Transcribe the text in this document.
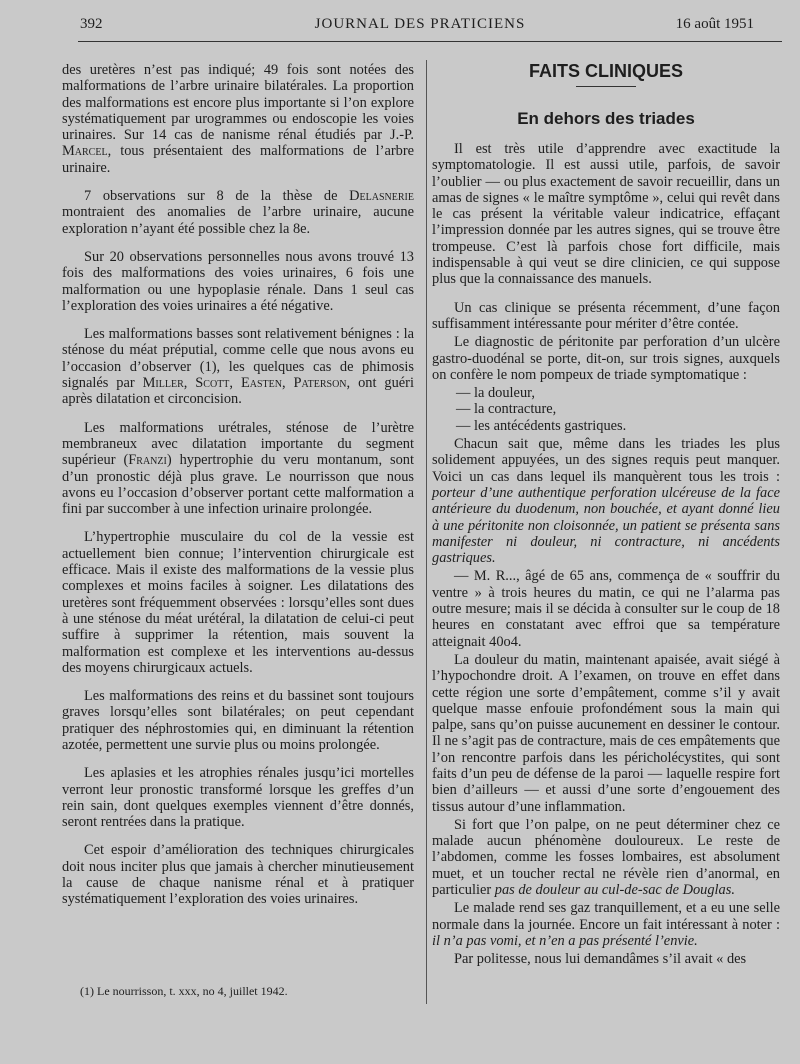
392	JOURNAL DES PRATICIENS	16 août 1951

des uretères n’est pas indiqué; 49 fois sont notées des malformations de l’arbre urinaire bilatérales. La proportion des malformations est encore plus importante si l’on explore systématiquement par urogrammes ou endoscopie les voies urinaires. Sur 14 cas de nanisme rénal étudiés par J.-P. Marcel, tous présentaient des malformations de l’arbre urinaire.

7 observations sur 8 de la thèse de Delasnerie montraient des anomalies de l’arbre urinaire, aucune exploration n’ayant été possible chez la 8e.

Sur 20 observations personnelles nous avons trouvé 13 fois des malformations des voies urinaires, 6 fois une malformation ou une hypoplasie rénale. Dans 1 seul cas l’exploration des voies urinaires a été négative.

Les malformations basses sont relativement bénignes : la sténose du méat préputial, comme celle que nous avons eu l’occasion d’observer (1), les quelques cas de phimosis signalés par Miller, Scott, Easten, Paterson, ont guéri après dilatation et circoncision.

Les malformations urétrales, sténose de l’urètre membraneux avec dilatation importante du segment supérieur (Franzi) hypertrophie du veru montanum, sont d’un pronostic déjà plus grave. Le nourrisson que nous avons eu l’occasion d’observer portant cette malformation a fini par succomber à une infection urinaire prolongée.

L’hypertrophie musculaire du col de la vessie est actuellement bien connue; l’intervention chirurgicale est efficace. Mais il existe des malformations de la vessie plus complexes et moins faciles à soigner. Les dilatations des uretères sont fréquemment observées : lorsqu’elles sont dues à une sténose du méat urétéral, la dilatation de celui-ci peut suffire à supprimer la rétention, mais souvent la malformation est complexe et les interventions au-dessus des moyens chirurgicaux actuels.

Les malformations des reins et du bassinet sont toujours graves lorsqu’elles sont bilatérales; on peut cependant pratiquer des néphrostomies qui, en diminuant la rétention azotée, permettent une survie plus ou moins prolongée.

Les aplasies et les atrophies rénales jusqu’ici mortelles verront leur pronostic transformé lorsque les greffes d’un rein sain, dont quelques exemples viennent d’être donnés, seront rentrées dans la pratique.

Cet espoir d’amélioration des techniques chirurgicales doit nous inciter plus que jamais à chercher minutieusement la cause de chaque nanisme rénal et à pratiquer systématiquement l’exploration des voies urinaires.

(1) Le nourrisson, t. xxx, no 4, juillet 1942.
FAITS CLINIQUES
En dehors des triades

Il est très utile d’apprendre avec exactitude la symptomatologie. Il est aussi utile, parfois, de savoir l’oublier — ou plus exactement de savoir recueillir, dans un amas de signes « le maître symptôme », celui qui revêt dans le cas présent la véritable valeur indicatrice, effaçant l’impression donnée par les autres signes, qui se trouve être trompeuse. C’est là parfois chose fort difficile, mais indispensable à qui veut se dire clinicien, ce qui suppose plus que la connaissance des manuels.

Un cas clinique se présenta récemment, d’une façon suffisamment intéressante pour mériter d’être contée.

Le diagnostic de péritonite par perforation d’un ulcère gastro-duodénal se porte, dit-on, sur trois signes, auxquels on confère le nom pompeux de triade symptomatique :

— la douleur,

— la contracture,

— les antécédents gastriques.

Chacun sait que, même dans les triades les plus solidement appuyées, un des signes requis peut manquer. Voici un cas dans lequel ils manquèrent tous les trois : porteur d’une authentique perforation ulcéreuse de la face antérieure du duodenum, non bouchée, et ayant donné lieu à une péritonite non cloisonnée, un patient se présenta sans manifester ni douleur, ni contracture, ni ancédents gastriques.

— M. R..., âgé de 65 ans, commença de « souffrir du ventre » à trois heures du matin, ce qui ne l’alarma pas outre mesure; mais il se décida à consulter sur le coup de 18 heures en constatant avec effroi que sa température atteignait 40o4.

La douleur du matin, maintenant apaisée, avait siégé à l’hypochondre droit. A l’examen, on trouve en effet dans cette région une sorte d’empâtement, comme s’il y avait quelque masse enfouie profondément sous la main qui palpe, sans qu’on puisse aucunement en dessiner le contour. Il ne s’agit pas de contracture, mais de ces empâtements que l’on rencontre parfois dans les péricholécystites, qui sont faits d’un peu de défense de la paroi — laquelle respire fort bien d’ailleurs — et aussi d’une sorte d’engouement des tissus autour d’une inflammation.

Si fort que l’on palpe, on ne peut déterminer chez ce malade aucun phénomène douloureux. Le reste de l’abdomen, comme les fosses lombaires, est absolument muet, et un toucher rectal ne révèle rien d’anormal, en particulier pas de douleur au cul-de-sac de Douglas.

Le malade rend ses gaz tranquillement, et a eu une selle normale dans la journée. Encore un fait intéressant à noter : il n’a pas vomi, et n’en a pas présenté l’envie.

Par politesse, nous lui demandâmes s’il avait « des
